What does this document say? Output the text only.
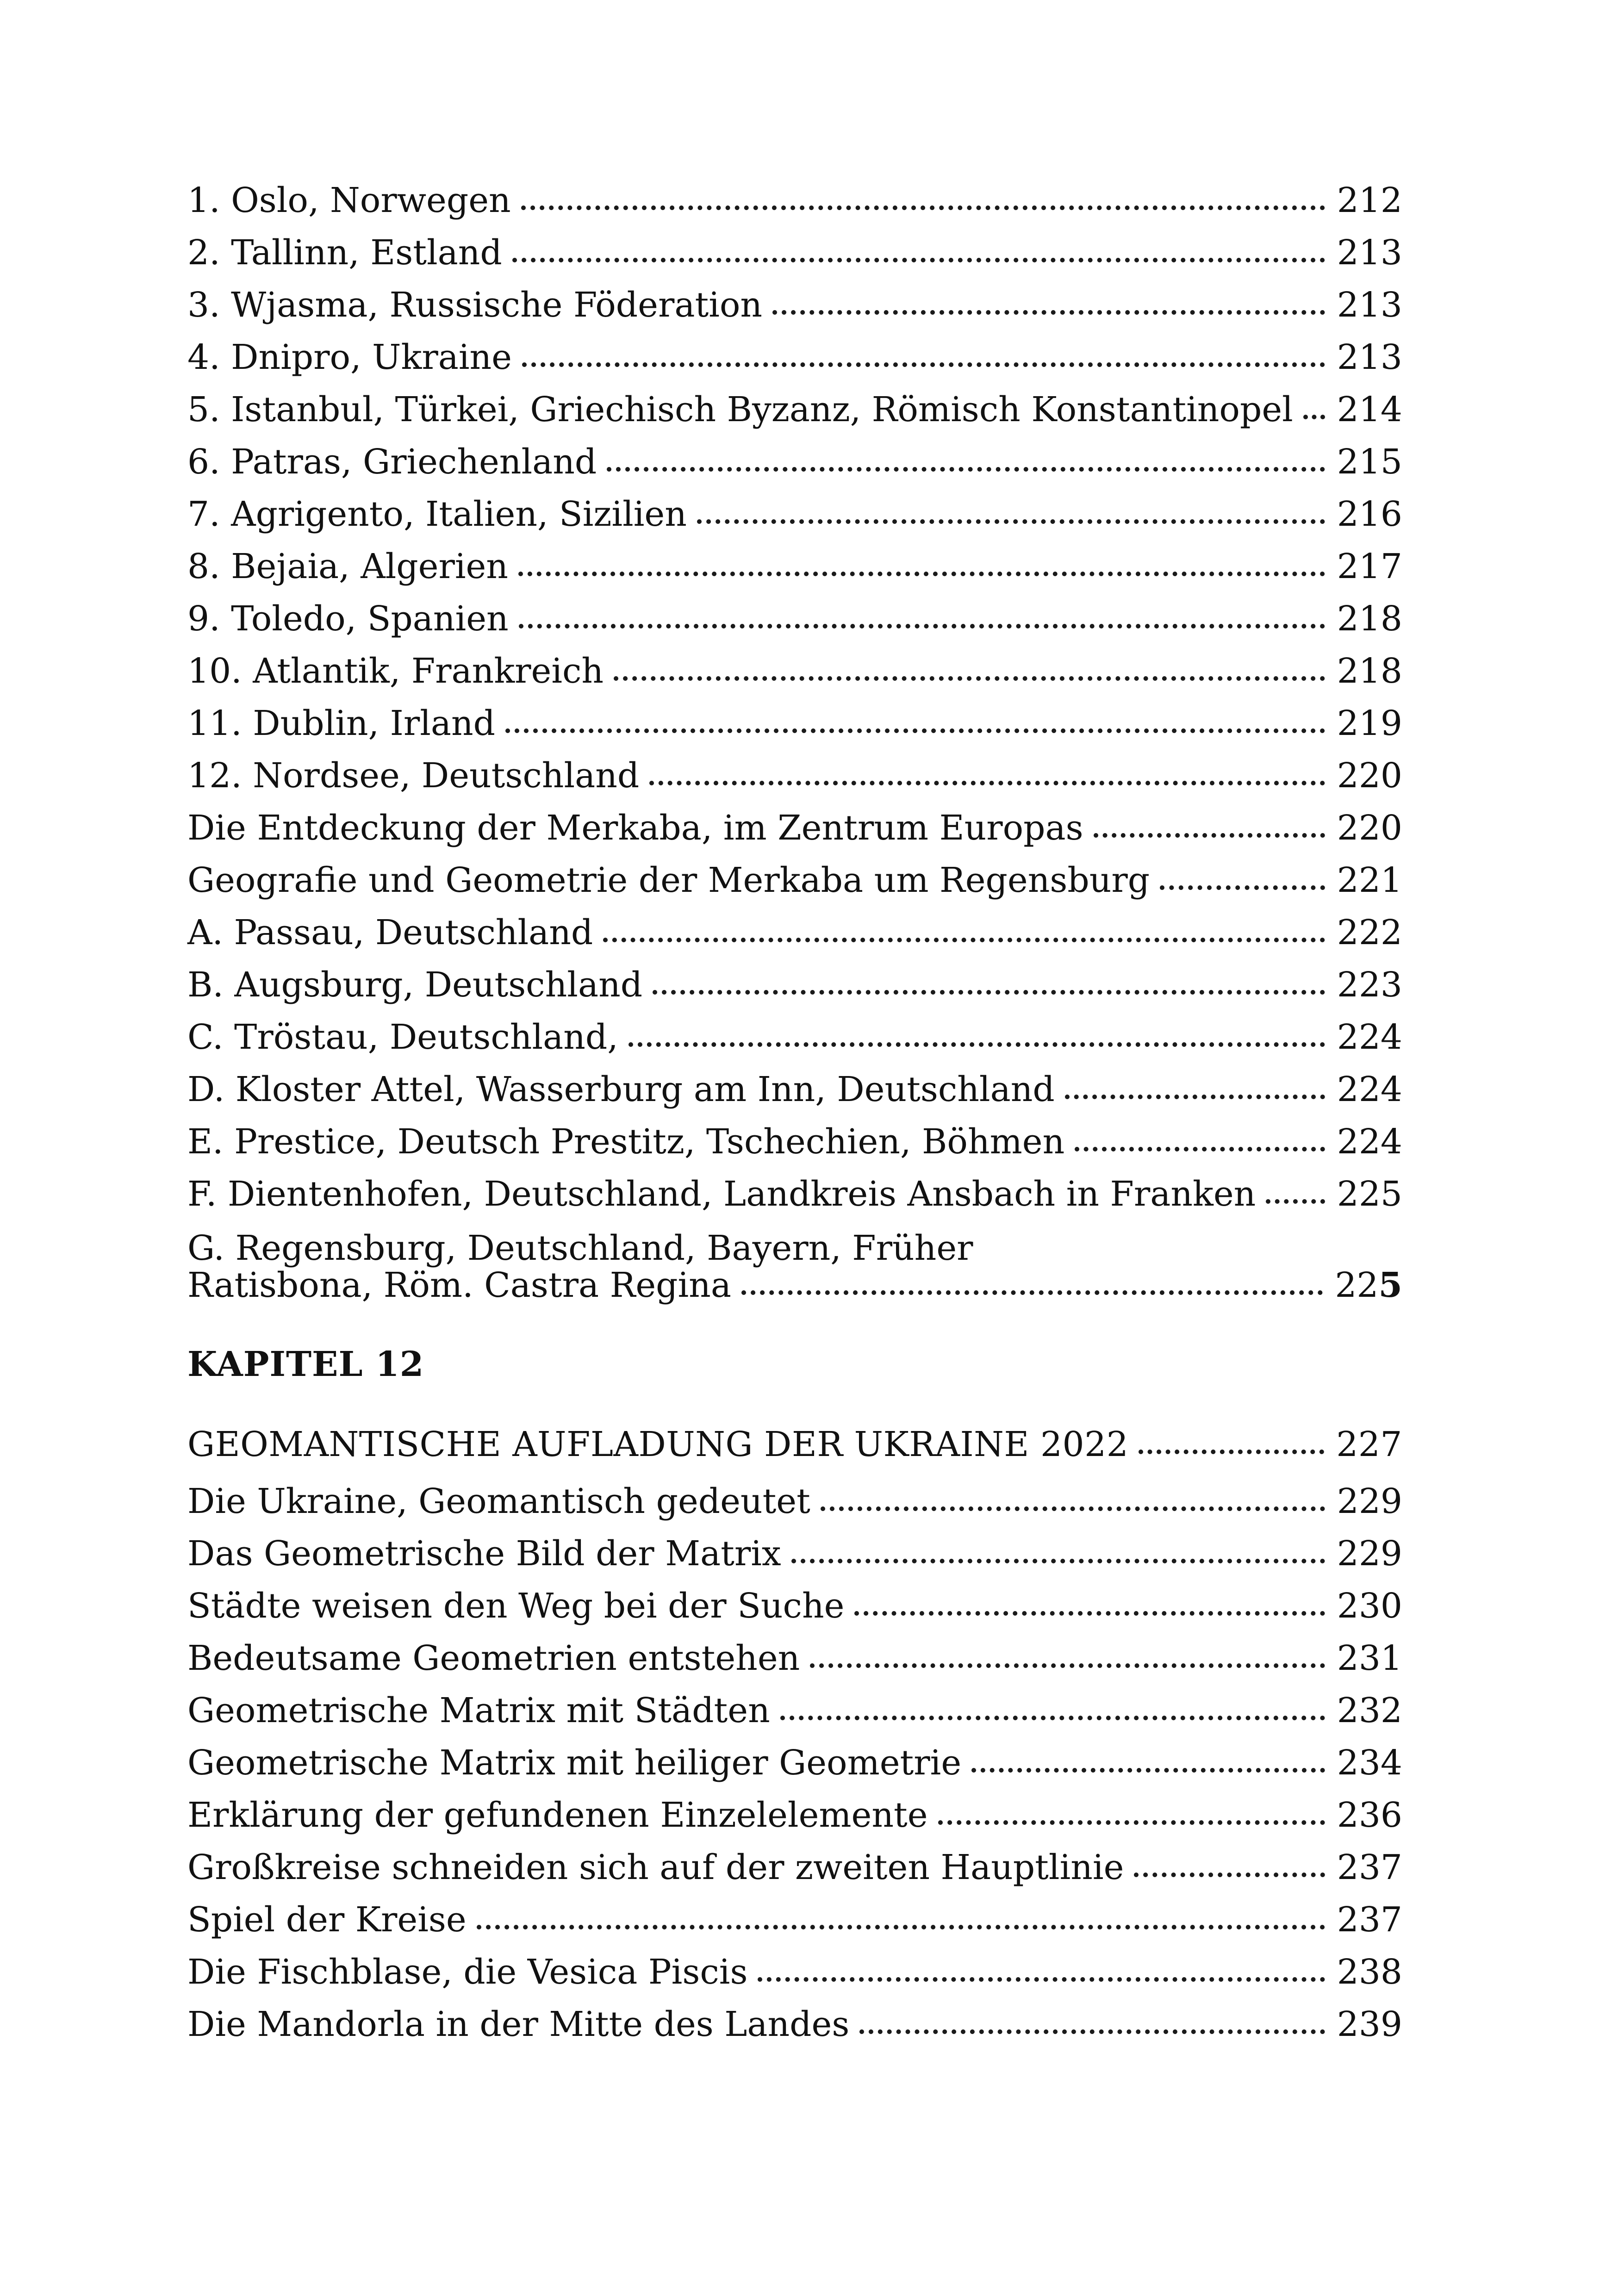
1. Oslo, Norwegen	212
2. Tallinn, Estland	213
3. Wjasma, Russische Föderation	213
4. Dnipro, Ukraine	213
5. Istanbul, Türkei, Griechisch Byzanz, Römisch Konstantinopel	214
6. Patras, Griechenland	215
7. Agrigento, Italien, Sizilien	216
8. Bejaia, Algerien	217
9. Toledo, Spanien	218
10. Atlantik, Frankreich	218
11. Dublin, Irland	219
12. Nordsee, Deutschland	220
Die Entdeckung der Merkaba, im Zentrum Europas	220
Geografie und Geometrie der Merkaba um Regensburg	221
A. Passau, Deutschland	222
B. Augsburg, Deutschland	223
C. Tröstau, Deutschland,	224
D. Kloster Attel, Wasserburg am Inn, Deutschland	224
E. Prestice, Deutsch Prestitz, Tschechien, Böhmen	224
F. Dientenhofen, Deutschland, Landkreis Ansbach in Franken	225
G. Regensburg, Deutschland, Bayern, Früher
Ratisbona, Röm. Castra Regina	225
KAPITEL 12
GEOMANTISCHE AUFLADUNG DER UKRAINE 2022	227
Die Ukraine, Geomantisch gedeutet	229
Das Geometrische Bild der Matrix	229
Städte weisen den Weg bei der Suche	230
Bedeutsame Geometrien entstehen	231
Geometrische Matrix mit Städten	232
Geometrische Matrix mit heiliger Geometrie	234
Erklärung der gefundenen Einzelelemente	236
Großkreise schneiden sich auf der zweiten Hauptlinie	237
Spiel der Kreise	237
Die Fischblase, die Vesica Piscis	238
Die Mandorla in der Mitte des Landes	239
